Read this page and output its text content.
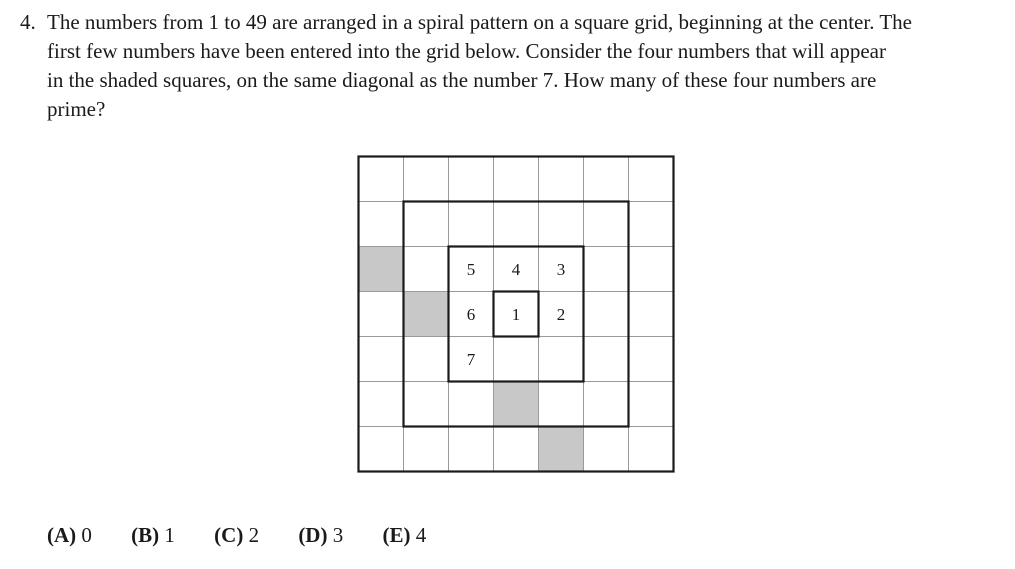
4. The numbers from 1 to 49 are arranged in a spiral pattern on a square grid, beginning at the center. The
first few numbers have been entered into the grid below. Consider the four numbers that will appear
in the shaded squares, on the same diagonal as the number 7. How many of these four numbers are
prime?
5 4 3
6 1 2
7
(A) 0 (B) 1 (C) 2 (D) 3 (E) 4
